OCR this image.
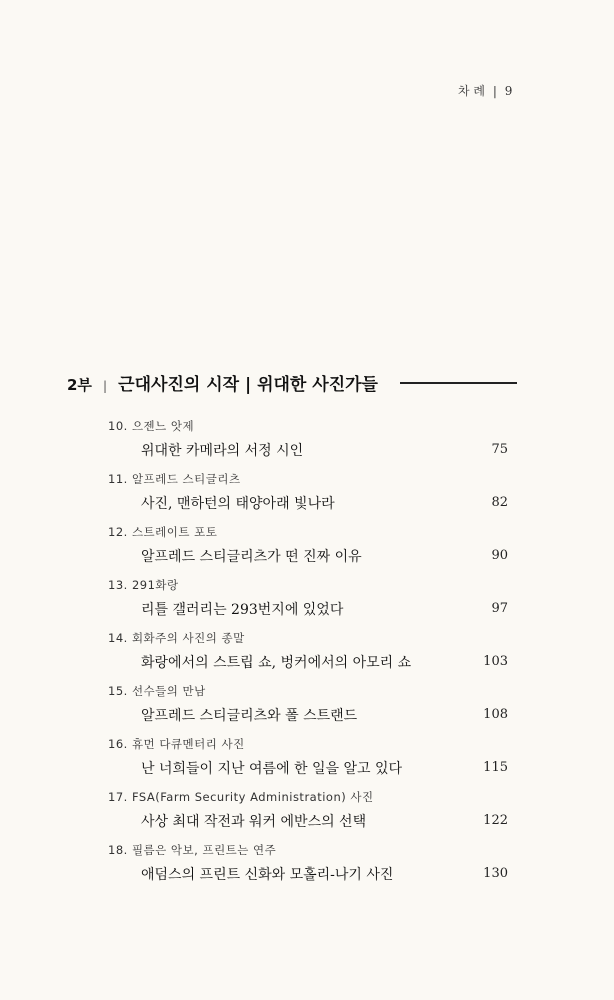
차 례 | 9
2부 | 근대사진의 시작 | 위대한 사진가들
10. 으젠느 앗제
위대한 카메라의 서정 시인	75
11. 알프레드 스티글리츠
사진, 맨하턴의 태양아래 빛나라	82
12. 스트레이트 포토
알프레드 스티글리츠가 떤 진짜 이유	90
13. 291화랑
리틀 갤러리는 293번지에 있었다	97
14. 회화주의 사진의 종말
화랑에서의 스트립 쇼, 벙커에서의 아모리 쇼	103
15. 선수들의 만남
알프레드 스티글리츠와 폴 스트랜드	108
16. 휴먼 다큐멘터리 사진
난 너희들이 지난 여름에 한 일을 알고 있다	115
17. FSA(Farm Security Administration) 사진
사상 최대 작전과 워커 에반스의 선택	122
18. 필름은 악보, 프린트는 연주
애덤스의 프린트 신화와 모홀리-나기 사진	130
